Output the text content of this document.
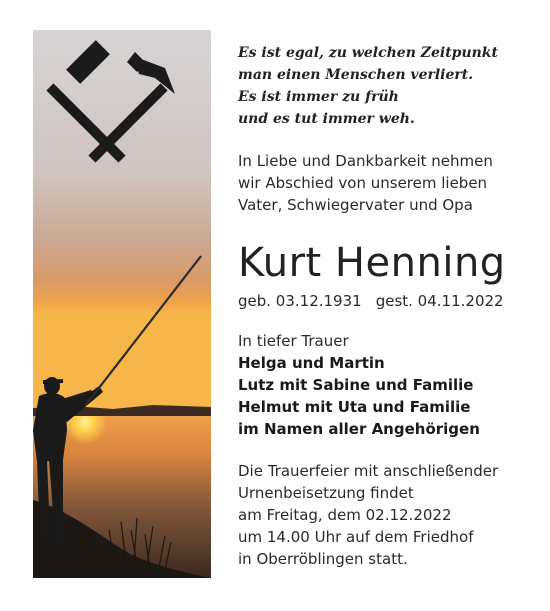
Es ist egal, zu welchen Zeitpunkt
man einen Menschen verliert.
Es ist immer zu früh
und es tut immer weh.
In Liebe und Dankbarkeit nehmen
wir Abschied von unserem lieben
Vater, Schwiegervater und Opa
Kurt Henning
geb. 03.12.1931 gest. 04.11.2022
In tiefer Trauer
Helga und Martin
Lutz mit Sabine und Familie
Helmut mit Uta und Familie
im Namen aller Angehörigen
Die Trauerfeier mit anschließender
Urnenbeisetzung findet
am Freitag, dem 02.12.2022
um 14.00 Uhr auf dem Friedhof
in Oberröblingen statt.
